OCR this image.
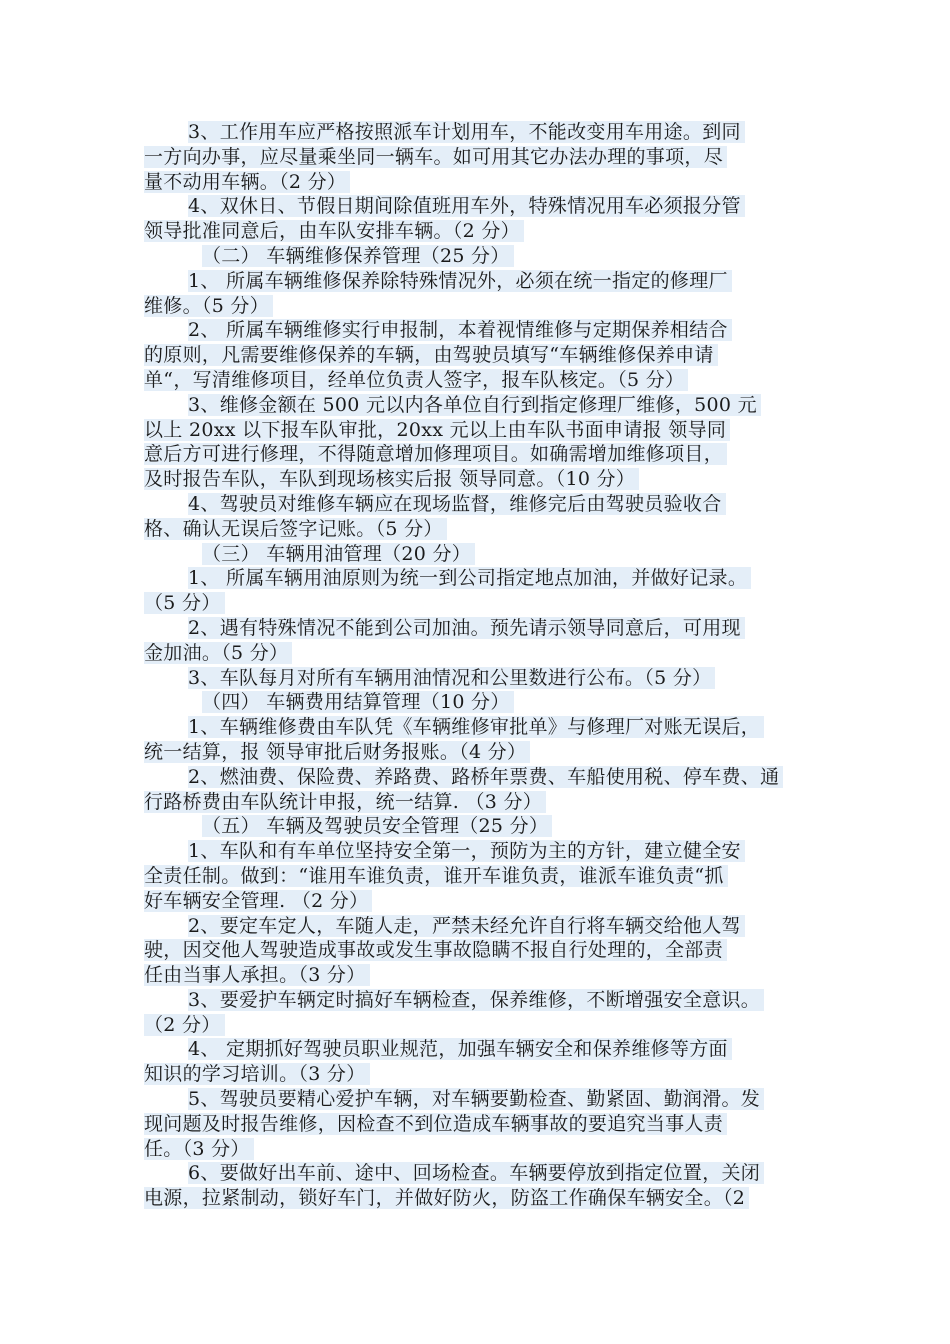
3、工作用车应严格按照派车计划用车，不能改变用车用途。到同
一方向办事，应尽量乘坐同一辆车。如可用其它办法办理的事项，尽
量不动用车辆。（2 分）
4、双休日、节假日期间除值班用车外，特殊情况用车必须报分管
领导批准同意后，由车队安排车辆。（2 分）
（二） 车辆维修保养管理（25 分）
1、 所属车辆维修保养除特殊情况外，必须在统一指定的修理厂
维修。（5 分）
2、 所属车辆维修实行申报制，本着视情维修与定期保养相结合
的原则，凡需要维修保养的车辆，由驾驶员填写“车辆维修保养申请
单“，写清维修项目，经单位负责人签字，报车队核定。（5 分）
3、维修金额在 500 元以内各单位自行到指定修理厂维修，500 元
以上 20xx 以下报车队审批，20xx 元以上由车队书面申请报 领导同
意后方可进行修理，不得随意增加修理项目。如确需增加维修项目，
及时报告车队，车队到现场核实后报 领导同意。（10 分）
4、驾驶员对维修车辆应在现场监督，维修完后由驾驶员验收合
格、确认无误后签字记账。（5 分）
（三） 车辆用油管理（20 分）
1、 所属车辆用油原则为统一到公司指定地点加油，并做好记录。
（5 分）
2、遇有特殊情况不能到公司加油。预先请示领导同意后，可用现
金加油。（5 分）
3、车队每月对所有车辆用油情况和公里数进行公布。（5 分）
（四） 车辆费用结算管理（10 分）
1、车辆维修费由车队凭《车辆维修审批单》与修理厂对账无误后，
统一结算，报 领导审批后财务报账。（4 分）
2、燃油费、保险费、养路费、路桥年票费、车船使用税、停车费、通
行路桥费由车队统计申报，统一结算. （3 分）
（五） 车辆及驾驶员安全管理（25 分）
1、车队和有车单位坚持安全第一，预防为主的方针，建立健全安
全责任制。做到：“谁用车谁负责，谁开车谁负责，谁派车谁负责“抓
好车辆安全管理. （2 分）
2、要定车定人，车随人走，严禁未经允许自行将车辆交给他人驾
驶，因交他人驾驶造成事故或发生事故隐瞒不报自行处理的，全部责
任由当事人承担。（3 分）
3、要爱护车辆定时搞好车辆检查，保养维修，不断增强安全意识。
（2 分）
4、 定期抓好驾驶员职业规范，加强车辆安全和保养维修等方面
知识的学习培训。（3 分）
5、驾驶员要精心爱护车辆，对车辆要勤检查、勤紧固、勤润滑。发
现问题及时报告维修，因检查不到位造成车辆事故的要追究当事人责
任。（3 分）
6、要做好出车前、途中、回场检查。车辆要停放到指定位置，关闭
电源，拉紧制动，锁好车门，并做好防火，防盗工作确保车辆安全。（2
